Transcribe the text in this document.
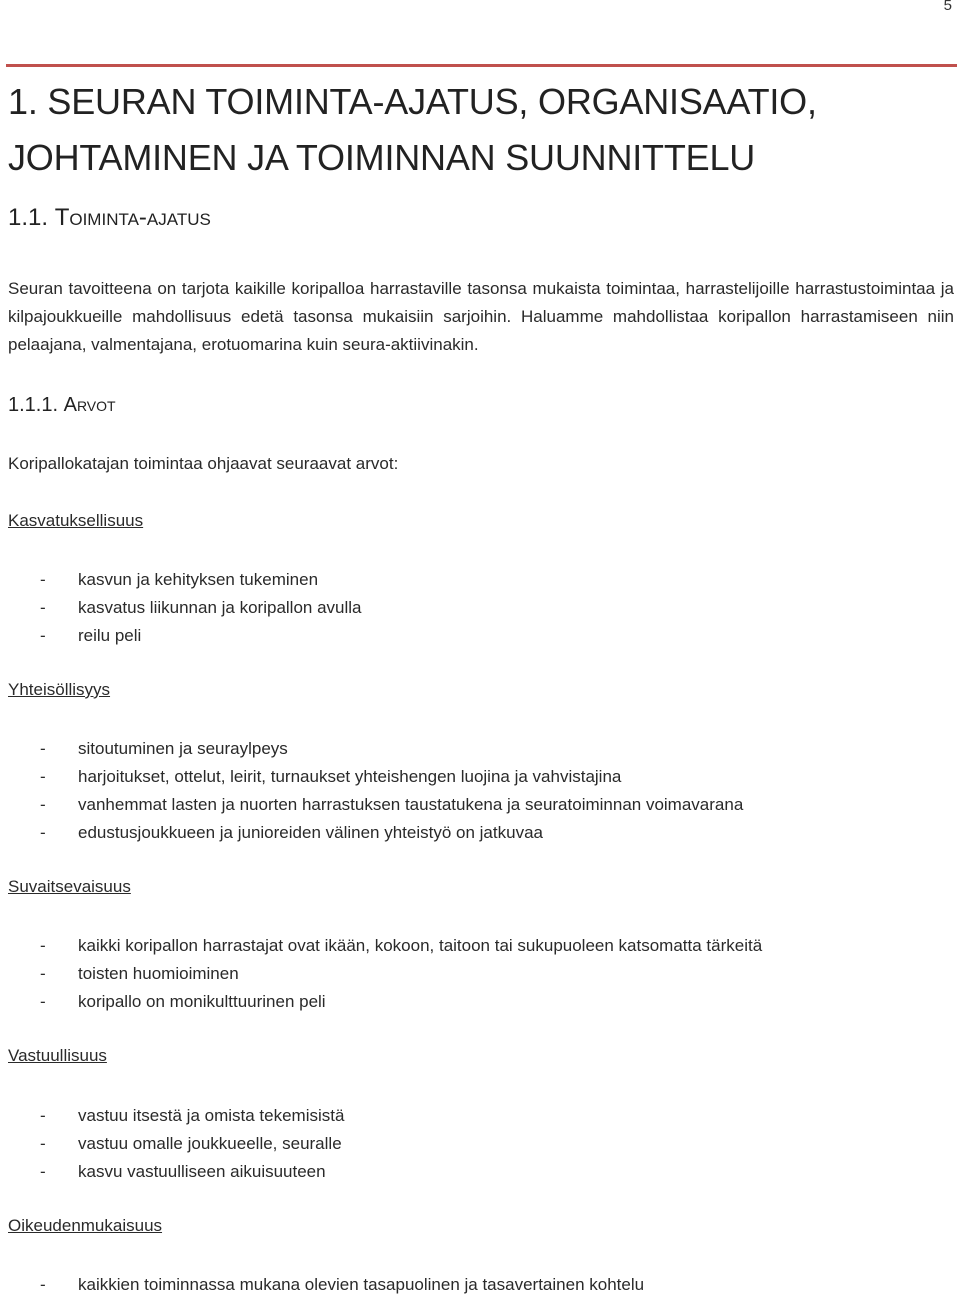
5
1. SEURAN TOIMINTA-AJATUS, ORGANISAATIO,
JOHTAMINEN JA TOIMINNAN SUUNNITTELU
1.1. Toiminta-ajatus
Seuran tavoitteena on tarjota kaikille koripalloa harrastaville tasonsa mukaista toimintaa, harrastelijoille harrastustoimintaa ja kilpajoukkueille mahdollisuus edetä tasonsa mukaisiin sarjoihin. Haluamme mahdollistaa koripallon harrastamiseen niin pelaajana, valmentajana, erotuomarina kuin seura-aktiivinakin.
1.1.1. Arvot
Koripallokatajan toimintaa ohjaavat seuraavat arvot:
Kasvatuksellisuus
- kasvun ja kehityksen tukeminen
- kasvatus liikunnan ja koripallon avulla
- reilu peli
Yhteisöllisyys
- sitoutuminen ja seuraylpeys
- harjoitukset, ottelut, leirit, turnaukset yhteishengen luojina ja vahvistajina
- vanhemmat lasten ja nuorten harrastuksen taustatukena ja seuratoiminnan voimavarana
- edustusjoukkueen ja junioreiden välinen yhteistyö on jatkuvaa
Suvaitsevaisuus
- kaikki koripallon harrastajat ovat ikään, kokoon, taitoon tai sukupuoleen katsomatta tärkeitä
- toisten huomioiminen
- koripallo on monikulttuurinen peli
Vastuullisuus
- vastuu itsestä ja omista tekemisistä
- vastuu omalle joukkueelle, seuralle
- kasvu vastuulliseen aikuisuuteen
Oikeudenmukaisuus
- kaikkien toiminnassa mukana olevien tasapuolinen ja tasavertainen kohtelu
